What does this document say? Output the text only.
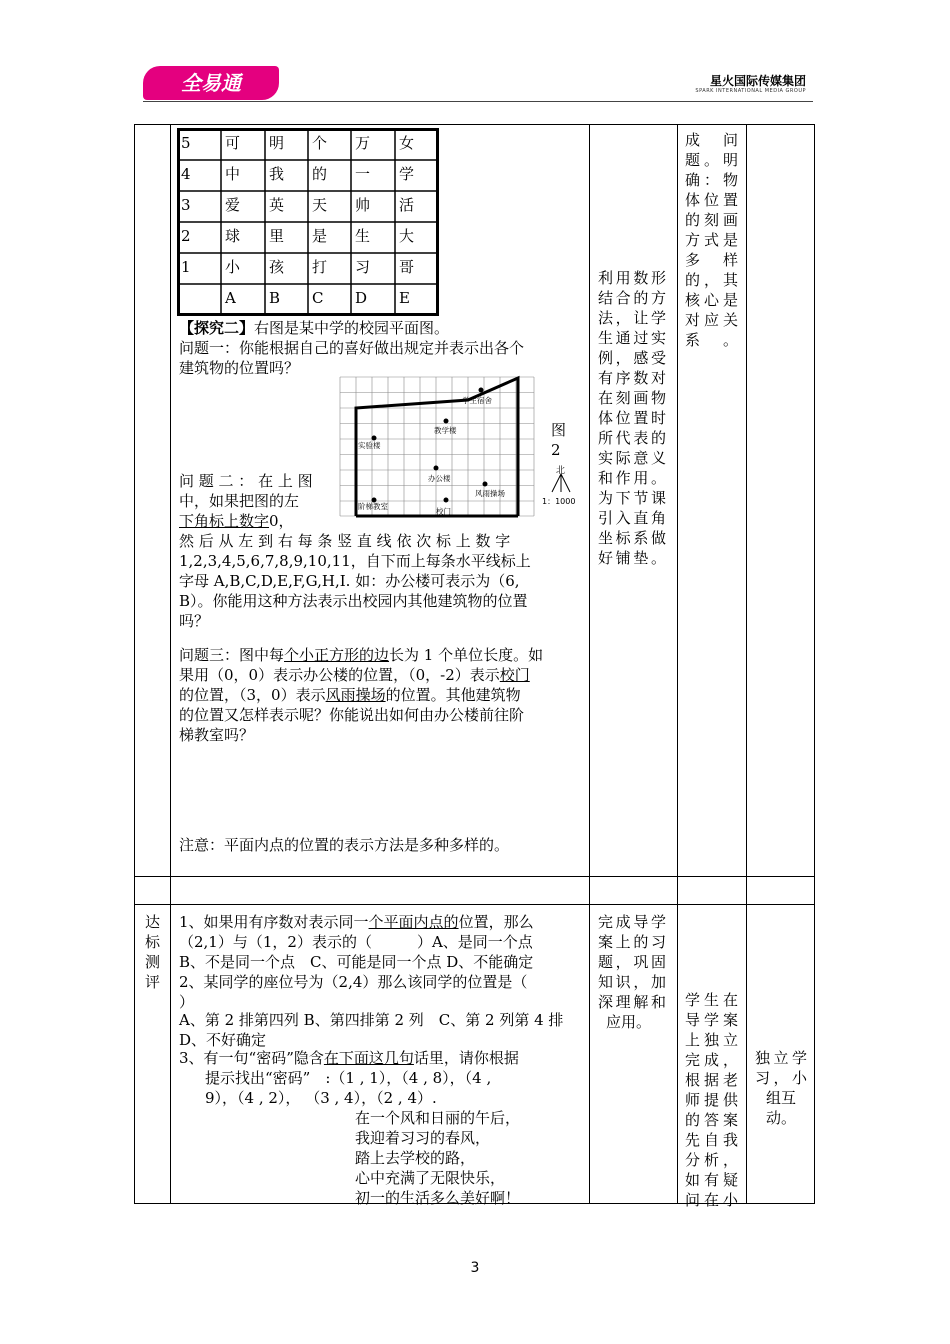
全易通	星火国际传媒集团
SPARK INTERNATIONAL MEDIA GROUP
5 可 明 个 万 女
4 中 我 的 一 学
3 爱 英 天 帅 活
2 球 里 是 生 大
1 小 孩 打 习 哥
A B C D E
【探究二】右图是某中学的校园平面图。
问题一：你能根据自己的喜好做出规定并表示出各个
建筑物的位置吗？
学生宿舍
教学楼
实验楼
办公楼
风雨操场
阶梯教室
校门
图
2
北
1：1000
问 题 二 ： 在 上 图
中，如果把图的左
下角标上数字0，
然 后 从 左 到 右 每 条 竖 直 线 依 次 标 上 数 字
1,2,3,4,5,6,7,8,9,10,11，自下而上每条水平线标上
字母 A,B,C,D,E,F,G,H,I. 如：办公楼可表示为（6,
B）。你能用这种方法表示出校园内其他建筑物的位置
吗？
问题三：图中每个小正方形的边长为 1 个单位长度。如
果用（0，0）表示办公楼的位置，（0，-2）表示校门
的位置，（3，0）表示风雨操场的位置。其他建筑物
的位置又怎样表示呢？你能说出如何由办公楼前往阶
梯教室吗？
注意：平面内点的位置的表示方法是多种多样的。
利用数形
结合的方
法，让学
生通过实
例，感受
有序数对
在刻画物
体位置时
所代表的
实际意义
和作用。
为下节课
引入直角
坐标系做
好铺垫。
成　问
题。明
确：物
体位置
的刻画
方式是
多　样
的，其
核心是
对应关
系。
达
标
测
评
1、如果用有序数对表示同一个平面内点的位置，那么
（2,1）与（1，2）表示的（　　　）A、是同一个点
B、不是同一个点　C、可能是同一个点 D、不能确定
2、某同学的座位号为（2,4）那么该同学的位置是（
）
A、第 2 排第四列 B、第四排第 2 列　C、第 2 列第 4 排
D、不好确定
3、有一句“密码”隐含在下面这几句话里，请你根据
提示找出“密码”　:（1 , 1），（4 , 8），（4 ,
9），（4 , 2）， （3 , 4），（2 , 4）.
在一个风和日丽的午后，
我迎着习习的春风，
踏上去学校的路，
心中充满了无限快乐，
初一的生活多么美好啊！
完成导学
案上的习
题，巩固
知识，加
深理解和
应用。
学生在
导学案
上独立
完成，
根据老
师提供
的答案
先自我
分析，
如有疑
问在小
独立学
习，小
组互
动。
3
